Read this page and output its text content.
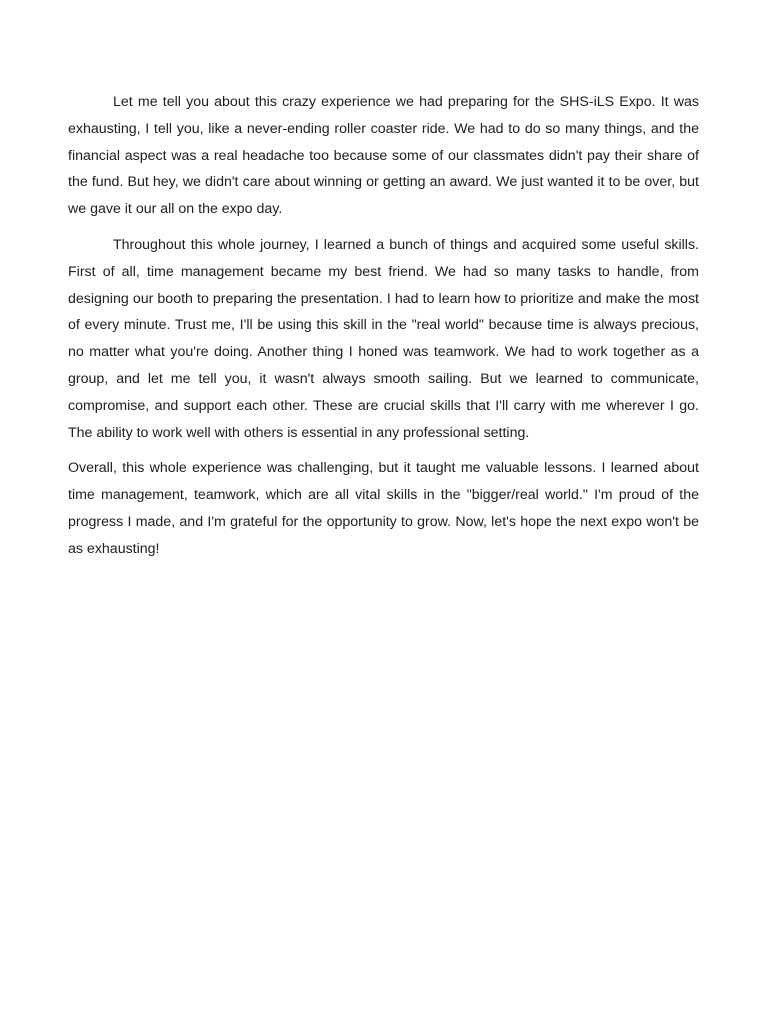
Let me tell you about this crazy experience we had preparing for the SHS-iLS Expo. It was exhausting, I tell you, like a never-ending roller coaster ride. We had to do so many things, and the financial aspect was a real headache too because some of our classmates didn't pay their share of the fund. But hey, we didn't care about winning or getting an award. We just wanted it to be over, but we gave it our all on the expo day.

Throughout this whole journey, I learned a bunch of things and acquired some useful skills. First of all, time management became my best friend. We had so many tasks to handle, from designing our booth to preparing the presentation. I had to learn how to prioritize and make the most of every minute. Trust me, I'll be using this skill in the "real world" because time is always precious, no matter what you're doing. Another thing I honed was teamwork. We had to work together as a group, and let me tell you, it wasn't always smooth sailing. But we learned to communicate, compromise, and support each other. These are crucial skills that I'll carry with me wherever I go. The ability to work well with others is essential in any professional setting.

Overall, this whole experience was challenging, but it taught me valuable lessons. I learned about time management, teamwork, which are all vital skills in the "bigger/real world." I'm proud of the progress I made, and I'm grateful for the opportunity to grow. Now, let's hope the next expo won't be as exhausting!
